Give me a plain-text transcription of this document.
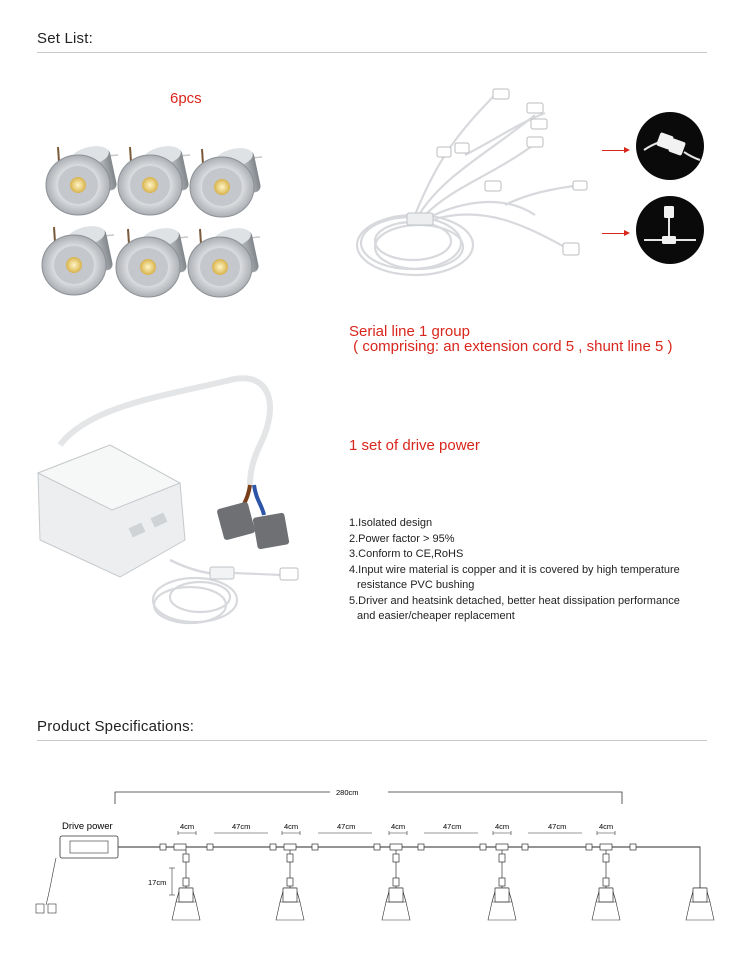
Set List:
6pcs
Serial line 1 group
( comprising: an extension cord 5 , shunt line 5 )
1 set of drive power
1.Isolated design
2.Power factor > 95%
3.Conform to CE,RoHS
4.Input wire material is copper and it is covered by high temperature
resistance PVC bushing
5.Driver and heatsink detached, better heat dissipation performance
and easier/cheaper replacement
Product Specifications:
280cm
Drive power	4cm	47cm	4cm	47cm	4cm	47cm	4cm	47cm	4cm
17cm
